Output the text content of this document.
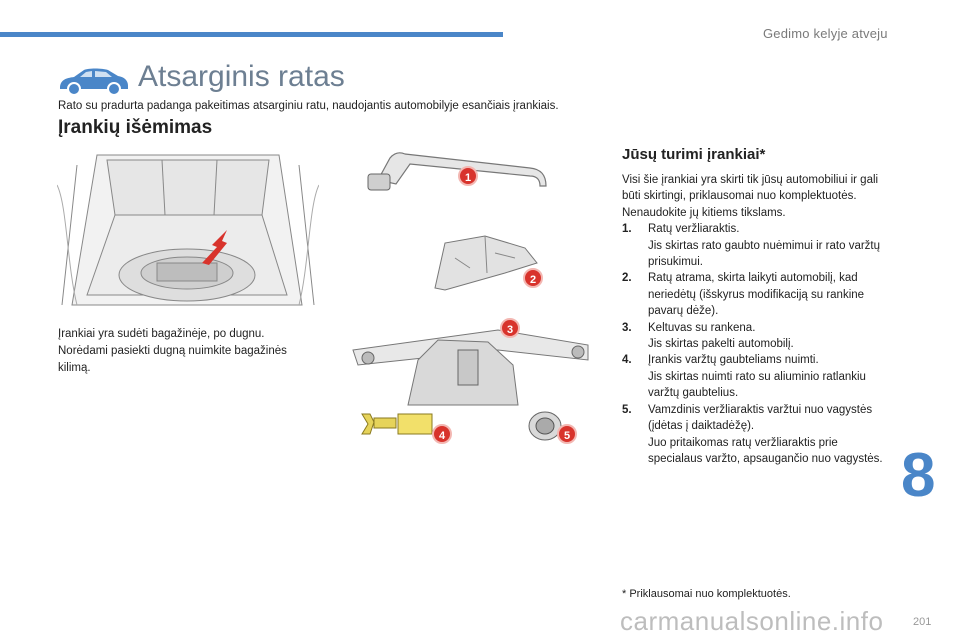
Gedimo kelyje atveju
Atsarginis ratas
Rato su pradurta padanga pakeitimas atsarginiu ratu, naudojantis automobilyje esančiais įrankiais.
Įrankių išėmimas
Įrankiai yra sudėti bagažinėje, po dugnu. Norėdami pasiekti dugną nuimkite bagažinės kilimą.
1
2
3
4	5
Jūsų turimi įrankiai*

Visi šie įrankiai yra skirti tik jūsų automobiliui ir gali būti skirtingi, priklausomai nuo komplektuotės. Nenaudokite jų kitiems tikslams.

1. Ratų veržliaraktis.
Jis skirtas rato gaubto nuėmimui ir rato varžtų prisukimui.
2. Ratų atrama, skirta laikyti automobilį, kad neriedėtų (išskyrus modifikaciją su rankine pavarų dėže).
3. Keltuvas su rankena.
Jis skirtas pakelti automobilį.
4. Įrankis varžtų gaubteliams nuimti.
Jis skirtas nuimti rato su aliuminio ratlankiu varžtų gaubtelius.
5. Vamzdinis veržliaraktis varžtui nuo vagystės (įdėtas į daiktadėžę).
Juo pritaikomas ratų veržliaraktis prie specialaus varžto, apsaugančio nuo vagystės.
* Priklausomai nuo komplektuotės.
8
carmanualsonline.info	201
